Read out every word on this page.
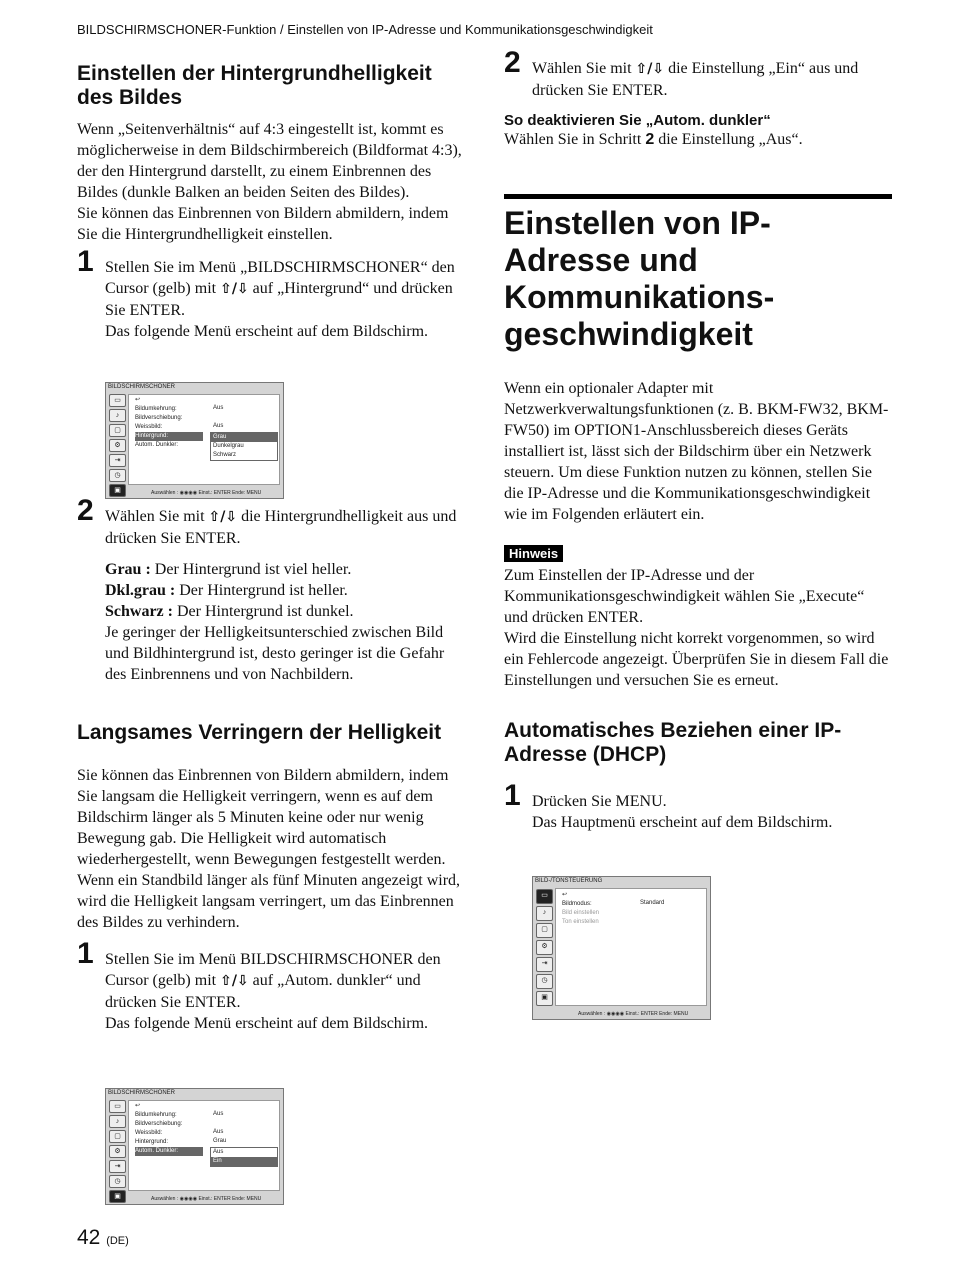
BILDSCHIRMSCHONER-Funktion / Einstellen von IP-Adresse und Kommunikationsgeschwindigkeit
Einstellen der Hintergrundhelligkeit des Bildes

Wenn „Seitenverhältnis“ auf 4:3 eingestellt ist, kommt es möglicherweise in dem Bildschirmbereich (Bildformat 4:3), der den Hintergrund darstellt, zu einem Einbrennen des Bildes (dunkle Balken an beiden Seiten des Bildes).

Sie können das Einbrennen von Bildern abmildern, indem Sie die Hintergrundhelligkeit einstellen.

1 Stellen Sie im Menü „BILDSCHIRMSCHONER“ den Cursor (gelb) mit ⇧/⇩ auf „Hintergrund“ und drücken Sie ENTER.
Das folgende Menü erscheint auf dem Bildschirm.
BILDSCHIRMSCHONER
▭
♪
▢
⚙
⇥
◷
▣
↩
Bildumkehrung:	Aus
Bildverschiebung:
Weissbild:	Aus
Hintergrund:
Autom. Dunkler:
Grau
Dunkelgrau
Schwarz
Auswählen : ◉◉◉◉ Einst.: ENTER Ende: MENU
2 Wählen Sie mit ⇧/⇩ die Hintergrundhelligkeit aus und drücken Sie ENTER.
Grau : Der Hintergrund ist viel heller.
Dkl.grau : Der Hintergrund ist heller.
Schwarz : Der Hintergrund ist dunkel.
Je geringer der Helligkeitsunterschied zwischen Bild und Bildhintergrund ist, desto geringer ist die Gefahr des Einbrennens und von Nachbildern.
Langsames Verringern der Helligkeit

Sie können das Einbrennen von Bildern abmildern, indem Sie langsam die Helligkeit verringern, wenn es auf dem Bildschirm länger als 5 Minuten keine oder nur wenig Bewegung gab. Die Helligkeit wird automatisch wiederhergestellt, wenn Bewegungen festgestellt werden.

Wenn ein Standbild länger als fünf Minuten angezeigt wird, wird die Helligkeit langsam verringert, um das Einbrennen des Bildes zu verhindern.

1 Stellen Sie im Menü BILDSCHIRMSCHONER den Cursor (gelb) mit ⇧/⇩ auf „Autom. dunkler“ und drücken Sie ENTER.
Das folgende Menü erscheint auf dem Bildschirm.
BILDSCHIRMSCHONER
▭
♪
▢
⚙
⇥
◷
▣
↩
Bildumkehrung:	Aus
Bildverschiebung:
Weissbild:	Aus
Hintergrund:	Grau
Autom. Dunkler:	Aus
Ein
Auswählen : ◉◉◉◉ Einst.: ENTER Ende: MENU
2 Wählen Sie mit ⇧/⇩ die Einstellung „Ein“ aus und drücken Sie ENTER.
So deaktivieren Sie „Autom. dunkler“

Wählen Sie in Schritt 2 die Einstellung „Aus“.

Einstellen von IP-Adresse und Kommunikations-geschwindigkeit

Wenn ein optionaler Adapter mit Netzwerkverwaltungsfunktionen (z. B. BKM-FW32, BKM-FW50) im OPTION1-Anschlussbereich dieses Geräts installiert ist, lässt sich der Bildschirm über ein Netzwerk steuern. Um diese Funktion nutzen zu können, stellen Sie die IP-Adresse und die Kommunikationsgeschwindigkeit wie im Folgenden erläutert ein.

Hinweis

Zum Einstellen der IP-Adresse und der Kommunikationsgeschwindigkeit wählen Sie „Execute“ und drücken ENTER.

Wird die Einstellung nicht korrekt vorgenommen, so wird ein Fehlercode angezeigt. Überprüfen Sie in diesem Fall die Einstellungen und versuchen Sie es erneut.

Automatisches Beziehen einer IP-Adresse (DHCP)
1 Drücken Sie MENU.
Das Hauptmenü erscheint auf dem Bildschirm.
BILD-/TONSTEUERUNG
▭
♪
▢
⚙
⇥
◷
▣
↩
Bildmodus:	Standard
Bild einstellen
Ton einstellen
Auswählen : ◉◉◉◉ Einst.: ENTER Ende: MENU
42 (DE)
